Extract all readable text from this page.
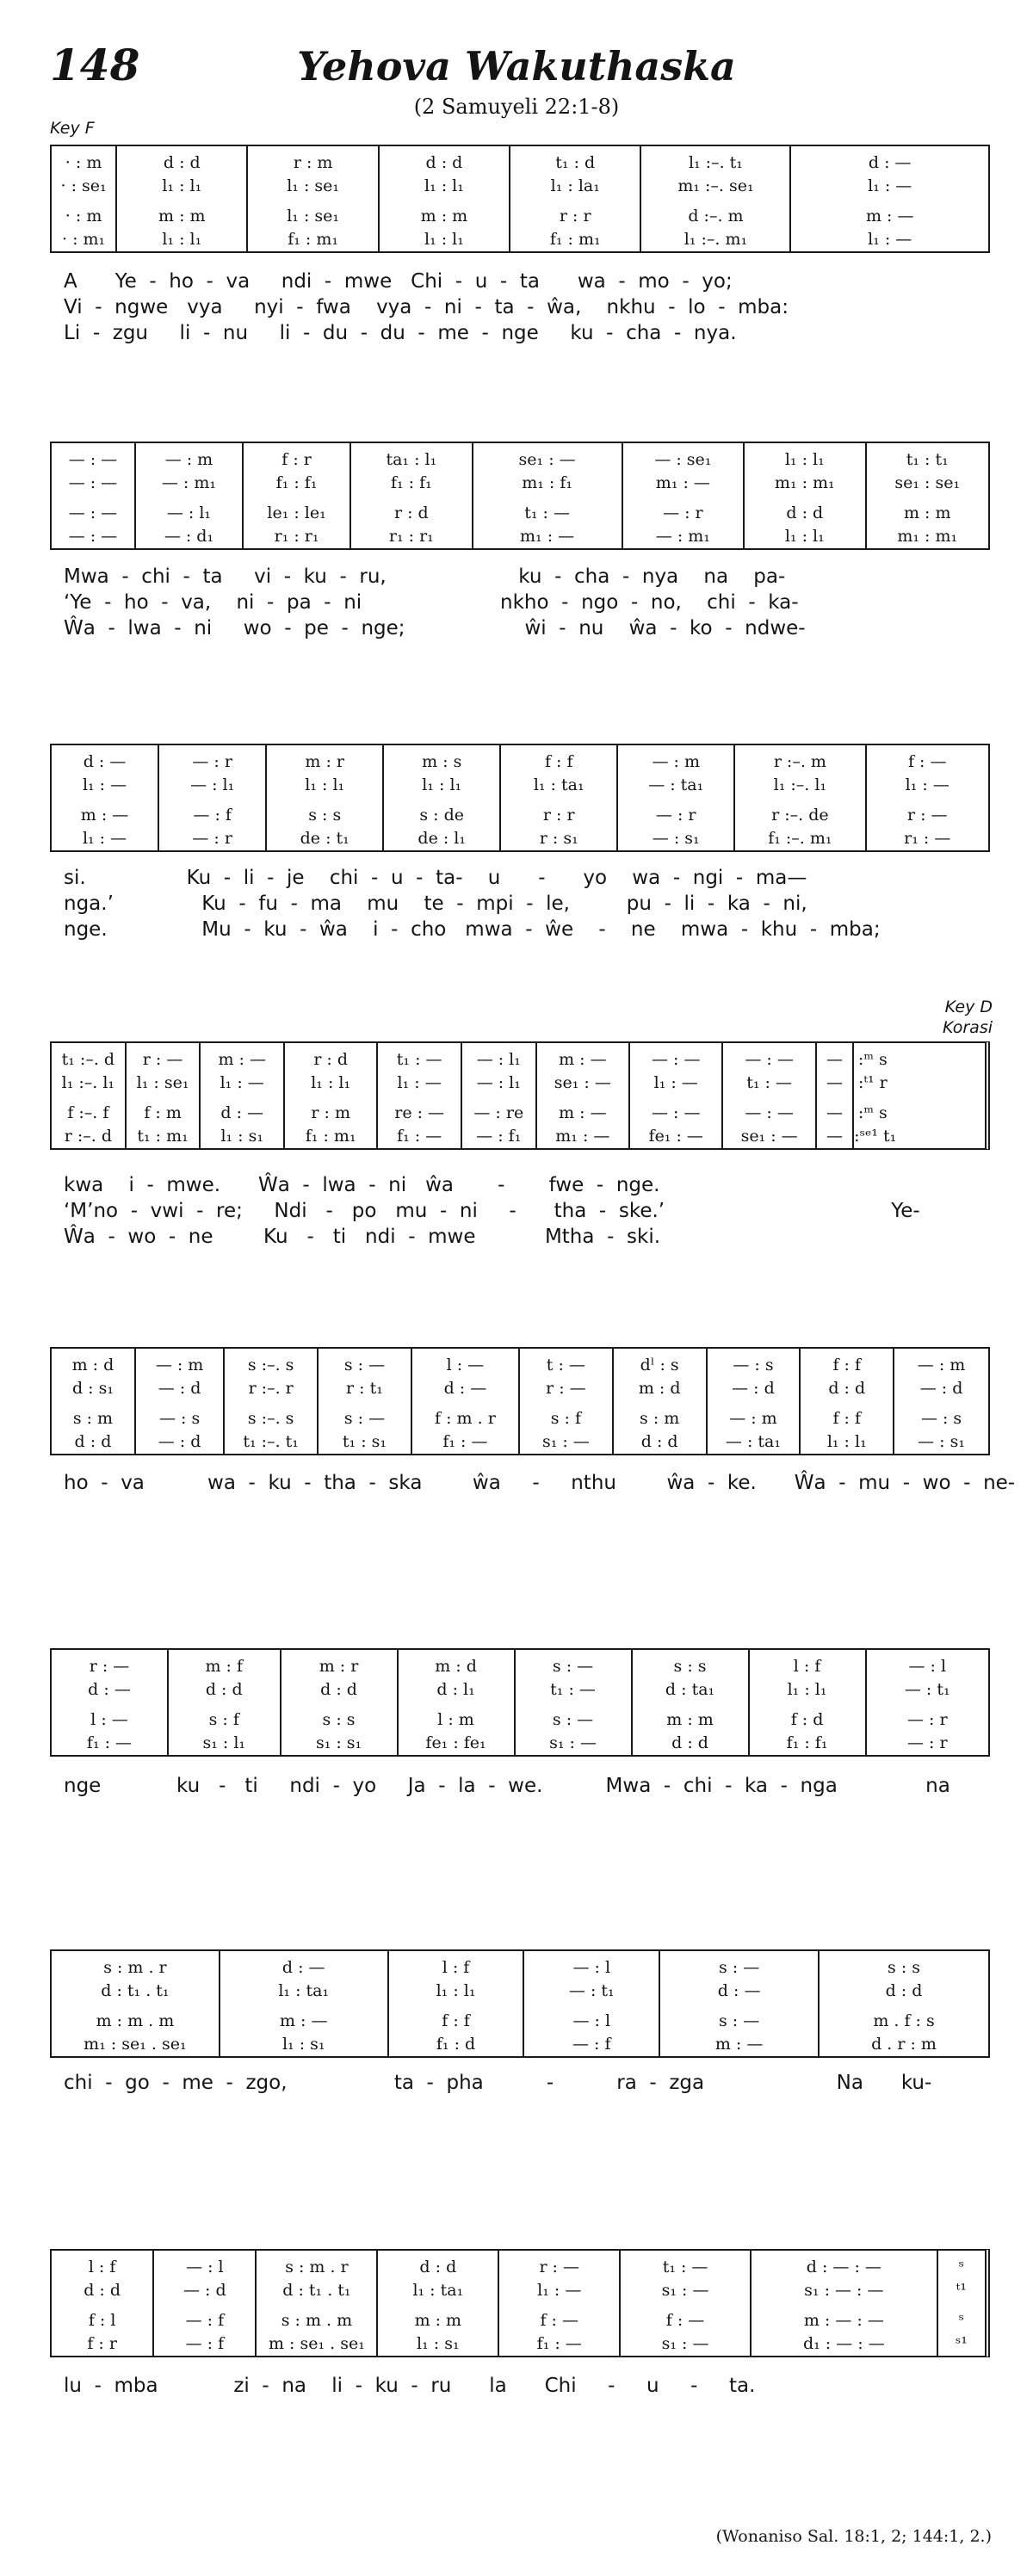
148	Yehova Wakuthaska
(2 Samuyeli 22:1-8)
Key F
Key D
Korasi
· : m
· : se₁
· : m
· : m₁
d : d
l₁ : l₁
m : m
l₁ : l₁
r : m
l₁ : se₁
l₁ : se₁
f₁ : m₁
d : d
l₁ : l₁
m : m
l₁ : l₁
t₁ : d
l₁ : la₁
r : r
f₁ : m₁
l₁ :–. t₁
m₁ :–. se₁
d :–. m
l₁ :–. m₁
d : —
l₁ : —
m : —
l₁ : —
A      Ye  -  ho  -  va     ndi  -  mwe   Chi  -  u  -  ta      wa  -  mo  -  yo;
Vi  -  ngwe   vya     nyi  -  fwa    vya  -  ni  -  ta  -  ŵa,    nkhu  -  lo  -  mba:
Li  -  zgu     li  -  nu     li  -  du  -  du  -  me  -  nge     ku  -  cha  -  nya.
— : —
— : —
— : —
— : —
— : m
— : m₁
— : l₁
— : d₁
f : r
f₁ : f₁
le₁ : le₁
r₁ : r₁
ta₁ : l₁
f₁ : f₁
r : d
r₁ : r₁
se₁ : —
m₁ : f₁
t₁ : —
m₁ : —
— : se₁
m₁ : —
— : r
— : m₁
l₁ : l₁
m₁ : m₁
d : d
l₁ : l₁
t₁ : t₁
se₁ : se₁
m : m
m₁ : m₁
Mwa  -  chi  -  ta     vi  -  ku  -  ru,                     ku  -  cha  -  nya    na    pa-
‘Ye  -  ho  -  va,    ni  -  pa  -  ni                      nkho  -  ngo  -  no,    chi  -  ka-
Ŵa  -  lwa  -  ni     wo  -  pe  -  nge;                   ŵi  -  nu    ŵa  -  ko  -  ndwe-
d : —
l₁ : —
m : —
l₁ : —
— : r
— : l₁
— : f
— : r
m : r
l₁ : l₁
s : s
de : t₁
m : s
l₁ : l₁
s : de
de : l₁
f : f
l₁ : ta₁
r : r
r : s₁
— : m
— : ta₁
— : r
— : s₁
r :–. m
l₁ :–. l₁
r :–. de
f₁ :–. m₁
f : —
l₁ : —
r : —
r₁ : —
si.                Ku  -  li  -  je    chi  -  u  -  ta-    u      -      yo    wa  -  ngi  -  ma—
nga.’              Ku  -  fu  -  ma    mu    te  -  mpi  -  le,         pu  -  li  -  ka  -  ni,
nge.               Mu  -  ku  -  ŵa    i  -  cho   mwa  -  ŵe    -    ne    mwa  -  khu  -  mba;
t₁ :–. d
l₁ :–. l₁
f :–. f
r :–. d
r : —
l₁ : se₁
f : m
t₁ : m₁
m : —
l₁ : —
d : —
l₁ : s₁
r : d
l₁ : l₁
r : m
f₁ : m₁
t₁ : —
l₁ : —
re : —
f₁ : —
— : l₁
— : l₁
— : re
— : f₁
m : —
se₁ : —
m : —
m₁ : —
— : —
l₁ : —
— : —
fe₁ : —
— : —
t₁ : —
— : —
se₁ : —
—
—
—
—
:ᵐ s
:ᵗ¹ r
:ᵐ s
:ˢᵉ¹ t₁
kwa    i  -  mwe.      Ŵa  -  lwa  -  ni   ŵa       -       fwe  -  nge.
‘M’no  -  vwi  -  re;     Ndi   -   po   mu  -  ni     -      tha  -  ske.’                                    Ye-
Ŵa  -  wo  -  ne        Ku   -   ti   ndi  -  mwe           Mtha  -  ski.
m : d
d : s₁
s : m
d : d
— : m
— : d
— : s
— : d
s :–. s
r :–. r
s :–. s
t₁ :–. t₁
s : —
r : t₁
s : —
t₁ : s₁
l : —
d : —
f : m . r
f₁ : —
t : —
r : —
s : f
s₁ : —
dˡ : s
m : d
s : m
d : d
— : s
— : d
— : m
— : ta₁
f : f
d : d
f : f
l₁ : l₁
— : m
— : d
— : s
— : s₁
ho  -  va          wa  -  ku  -  tha  -  ska        ŵa     -     nthu        ŵa  -  ke.      Ŵa  -  mu  -  wo  -  ne-
r : —
d : —
l : —
f₁ : —
m : f
d : d
s : f
s₁ : l₁
m : r
d : d
s : s
s₁ : s₁
m : d
d : l₁
l : m
fe₁ : fe₁
s : —
t₁ : —
s : —
s₁ : —
s : s
d : ta₁
m : m
d : d
l : f
l₁ : l₁
f : d
f₁ : f₁
— : l
— : t₁
— : r
— : r
nge            ku   -   ti     ndi  -  yo     Ja  -  la  -  we.          Mwa  -  chi  -  ka  -  nga              na
s : m . r
d : t₁ . t₁
m : m . m
m₁ : se₁ . se₁
d : —
l₁ : ta₁
m : —
l₁ : s₁
l : f
l₁ : l₁
f : f
f₁ : d
— : l
— : t₁
— : l
— : f
s : —
d : —
s : —
m : —
s : s
d : d
m . f : s
d . r : m
chi  -  go  -  me  -  zgo,                 ta  -  pha          -          ra  -  zga                     Na      ku-
l : f
d : d
f : l
f : r
— : l
— : d
— : f
— : f
s : m . r
d : t₁ . t₁
s : m . m
m : se₁ . se₁
d : d
l₁ : ta₁
m : m
l₁ : s₁
r : —
l₁ : —
f : —
f₁ : —
t₁ : —
s₁ : —
f : —
s₁ : —
d : — : —
s₁ : — : —
m : — : —
d₁ : — : —
ˢ
ᵗ¹
ˢ
ˢ¹
lu  -  mba            zi  -  na    li  -  ku  -  ru      la      Chi     -     u     -     ta.
(Wonaniso Sal. 18:1, 2; 144:1, 2.)
